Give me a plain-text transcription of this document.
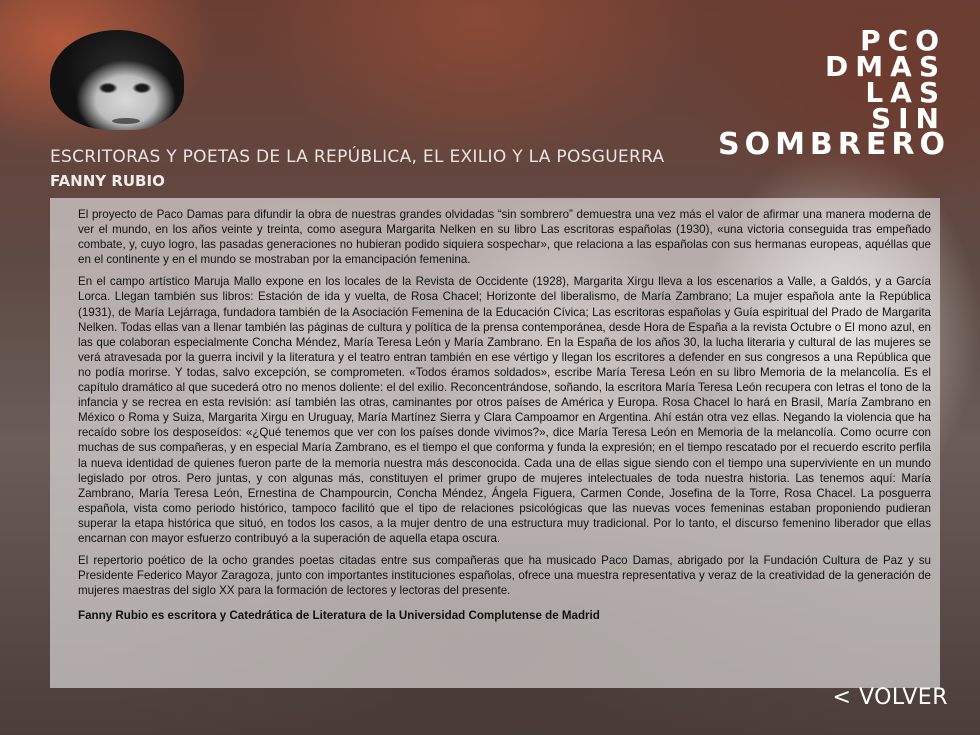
PCO
DMAS
LAS
SIN
SOMBRERO
ESCRITORAS Y POETAS DE LA REPÚBLICA, EL EXILIO Y LA POSGUERRA
FANNY RUBIO

El proyecto de Paco Damas para difundir la obra de nuestras grandes olvidadas “sin sombrero” demuestra una vez más el valor de afirmar una manera moderna de ver el mundo, en los años veinte y treinta, como asegura Margarita Nelken en su libro Las escritoras españolas (1930), «una victoria conseguida tras empeñado combate, y, cuyo logro, las pasadas generaciones no hubieran podido siquiera sospechar», que relaciona a las españolas con sus hermanas europeas, aquéllas que en el continente y en el mundo se mostraban por la emancipación femenina.

En el campo artístico Maruja Mallo expone en los locales de la Revista de Occidente (1928), Margarita Xirgu lleva a los escenarios a Valle, a Galdós, y a García Lorca. Llegan también sus libros: Estación de ida y vuelta, de Rosa Chacel; Horizonte del liberalismo, de María Zambrano; La mujer española ante la República (1931), de María Lejárraga, fundadora también de la Asociación Femenina de la Educación Cívica; Las escritoras españolas y Guía espiritual del Prado de Margarita Nelken. Todas ellas van a llenar también las páginas de cultura y política de la prensa contemporánea, desde Hora de España a la revista Octubre o El mono azul, en las que colaboran especialmente Concha Méndez, María Teresa León y María Zambrano. En la España de los años 30, la lucha literaria y cultural de las mujeres se verá atravesada por la guerra incivil y la literatura y el teatro entran también en ese vértigo y llegan los escritores a defender en sus congresos a una República que no podía morirse. Y todas, salvo excepción, se comprometen. «Todos éramos soldados», escribe María Teresa León en su libro Memoria de la melancolía. Es el capítulo dramático al que sucederá otro no menos doliente: el del exilio. Reconcentrándose, soñando, la escritora María Teresa León recupera con letras el tono de la infancia y se recrea en esta revisión: así también las otras, caminantes por otros países de América y Europa. Rosa Chacel lo hará en Brasil, María Zambrano en México o Roma y Suiza, Margarita Xirgu en Uruguay, María Martínez Sierra y Clara Campoamor en Argentina. Ahí están otra vez ellas. Negando la violencia que ha recaído sobre los desposeídos: «¿Qué tenemos que ver con los países donde vivimos?», dice María Teresa León en Memoria de la melancolía. Como ocurre con muchas de sus compañeras, y en especial María Zambrano, es el tiempo el que conforma y funda la expresión; en el tiempo rescatado por el recuerdo escrito perfila la nueva identidad de quienes fueron parte de la memoria nuestra más desconocida. Cada una de ellas sigue siendo con el tiempo una superviviente en un mundo legislado por otros. Pero juntas, y con algunas más, constituyen el primer grupo de mujeres intelectuales de toda nuestra historia. Las tenemos aquí: María Zambrano, María Teresa León, Ernestina de Champourcin, Concha Méndez, Ángela Figuera, Carmen Conde, Josefina de la Torre, Rosa Chacel. La posguerra española, vista como periodo histórico, tampoco facilitó que el tipo de relaciones psicológicas que las nuevas voces femeninas estaban proponiendo pudieran superar la etapa histórica que situó, en todos los casos, a la mujer dentro de una estructura muy tradicional. Por lo tanto, el discurso femenino liberador que ellas encarnan con mayor esfuerzo contribuyó a la superación de aquella etapa oscura.

El repertorio poético de la ocho grandes poetas citadas entre sus compañeras que ha musicado Paco Damas, abrigado por la Fundación Cultura de Paz y su Presidente Federico Mayor Zaragoza, junto con importantes instituciones españolas, ofrece una muestra representativa y veraz de la creatividad de la generación de mujeres maestras del siglo XX para la formación de lectores y lectoras del presente.

Fanny Rubio es escritora y Catedrática de Literatura de la Universidad Complutense de Madrid

< VOLVER
